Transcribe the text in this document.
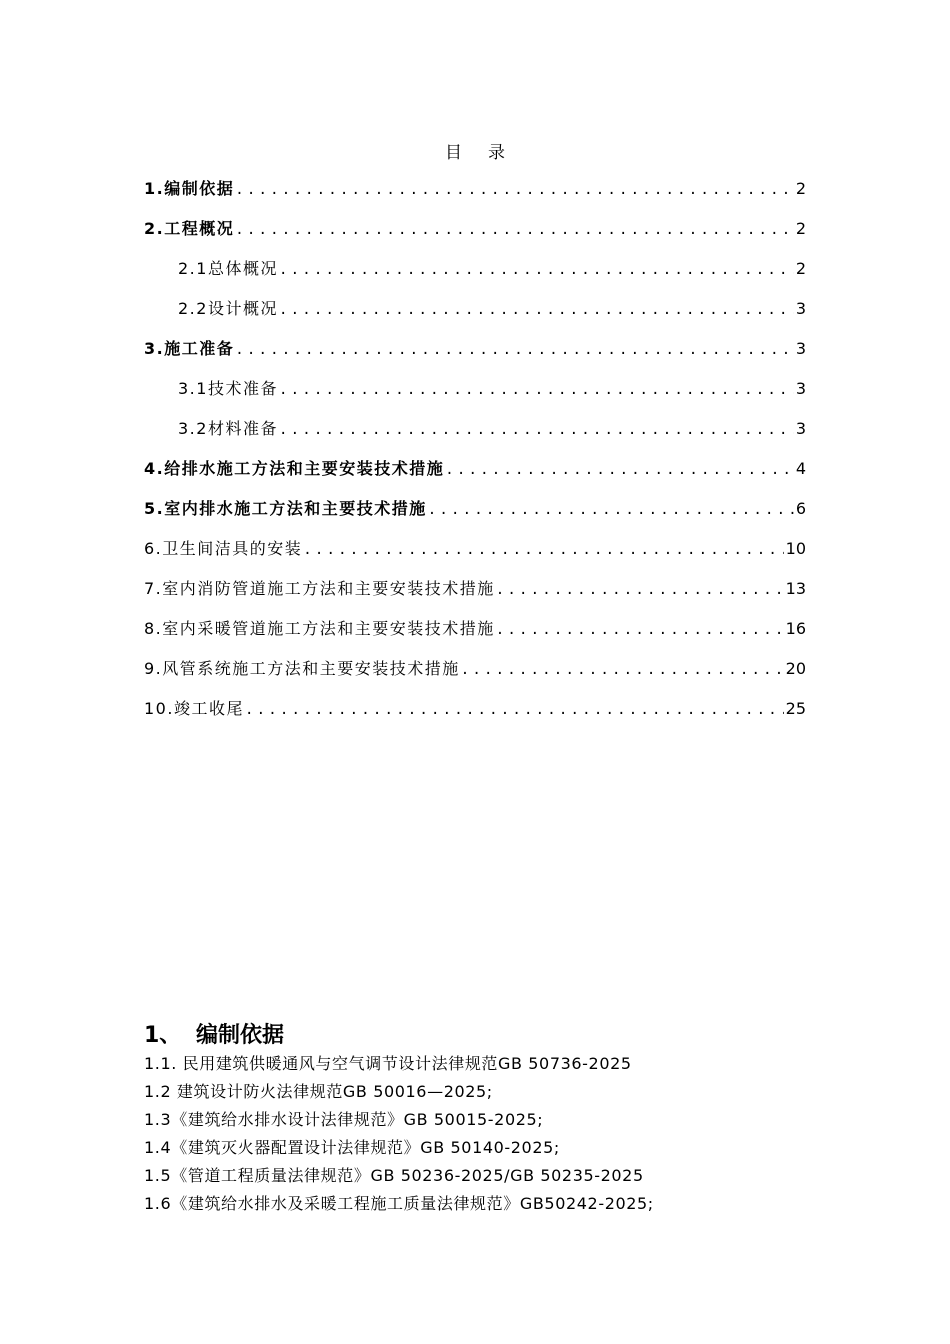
目 录
1.编制依据 .....	2
2.工程概况 .....	2
2.1总体概况 .....	2
2.2设计概况 .....	3
3.施工准备 .....	3
3.1技术准备 .....	3
3.2材料准备 .....	3
4.给排水施工方法和主要安装技术措施 .....	4
5.室内排水施工方法和主要技术措施 .....	6
6.卫生间洁具的安装 .....	10
7.室内消防管道施工方法和主要安装技术措施 .....	13
8.室内采暖管道施工方法和主要安装技术措施 .....	16
9.风管系统施工方法和主要安装技术措施 .....	20
10.竣工收尾 .....	25
1、 编制依据
1.1. 民用建筑供暖通风与空气调节设计法律规范GB 50736-2025
1.2 建筑设计防火法律规范GB 50016—2025;
1.3《建筑给水排水设计法律规范》GB 50015-2025;
1.4《建筑灭火器配置设计法律规范》GB 50140-2025;
1.5《管道工程质量法律规范》GB 50236-2025/GB 50235-2025
1.6《建筑给水排水及采暖工程施工质量法律规范》GB50242-2025;
